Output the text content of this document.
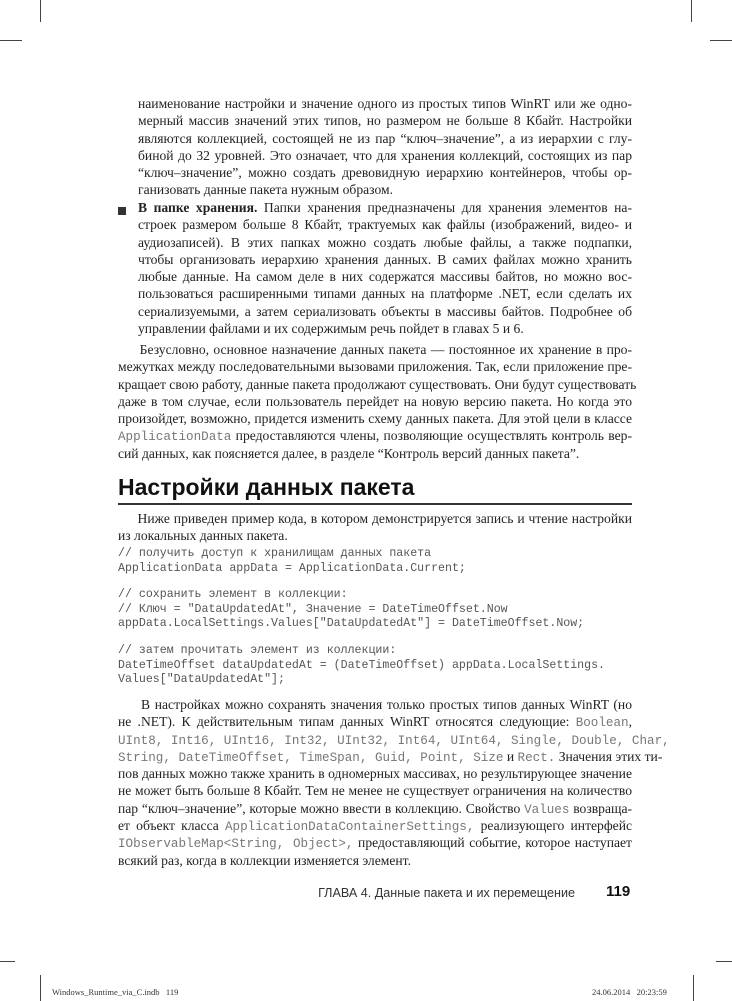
наименование настройки и значение одного из простых типов WinRT или же одно-
мерный массив значений этих типов, но размером не больше 8 Кбайт. Настройки
являются коллекцией, состоящей не из пар “ключ–значение”, а из иерархии с глу-
биной до 32 уровней. Это означает, что для хранения коллекций, состоящих из пар
“ключ–значение”, можно создать древовидную иерархию контейнеров, чтобы ор-
ганизовать данные пакета нужным образом.
В папке хранения. Папки хранения предназначены для хранения элементов на-
строек размером больше 8 Кбайт, трактуемых как файлы (изображений, видео- и
аудиозаписей). В этих папках можно создать любые файлы, а также подпапки,
чтобы организовать иерархию хранения данных. В самих файлах можно хранить
любые данные. На самом деле в них содержатся массивы байтов, но можно вос-
пользоваться расширенными типами данных на платформе .NET, если сделать их
сериализуемыми, а затем сериализовать объекты в массивы байтов. Подробнее об
управлении файлами и их содержимым речь пойдет в главах 5 и 6.
Безусловно, основное назначение данных пакета — постоянное их хранение в про-
межутках между последовательными вызовами приложения. Так, если приложение пре-
кращает свою работу, данные пакета продолжают существовать. Они будут существовать
даже в том случае, если пользователь перейдет на новую версию пакета. Но когда это
произойдет, возможно, придется изменить схему данных пакета. Для этой цели в классе
ApplicationData предоставляются члены, позволяющие осуществлять контроль вер-
сий данных, как поясняется далее, в разделе “Контроль версий данных пакета”.
Настройки данных пакета
Ниже приведен пример кода, в котором демонстрируется запись и чтение настройки
из локальных данных пакета.
// получить доступ к хранилищам данных пакета
ApplicationData appData = ApplicationData.Current;
// сохранить элемент в коллекции:
// Ключ = "DataUpdatedAt", Значение = DateTimeOffset.Now
appData.LocalSettings.Values["DataUpdatedAt"] = DateTimeOffset.Now;
// затем прочитать элемент из коллекции:
DateTimeOffset dataUpdatedAt = (DateTimeOffset) appData.LocalSettings.
Values["DataUpdatedAt"];
В настройках можно сохранять значения только простых типов данных WinRT (но
не .NET). К действительным типам данных WinRT относятся следующие: Boolean,
UInt8, Int16, UInt16, Int32, UInt32, Int64, UInt64, Single, Double, Char,
String, DateTimeOffset, TimeSpan, Guid, Point, Size и Rect. Значения этих ти-
пов данных можно также хранить в одномерных массивах, но результирующее значение
не может быть больше 8 Кбайт. Тем не менее не существует ограничения на количество
пар “ключ–значение”, которые можно ввести в коллекцию. Свойство Values возвраща-
ет объект класса ApplicationDataContainerSettings, реализующего интерфейс
IObservableMap<String, Object>, предоставляющий событие, которое наступает
всякий раз, когда в коллекции изменяется элемент.
ГЛАВА 4. Данные пакета и их перемещение 119
Windows_Runtime_via_C.indb   119	24.06.2014   20:23:59
